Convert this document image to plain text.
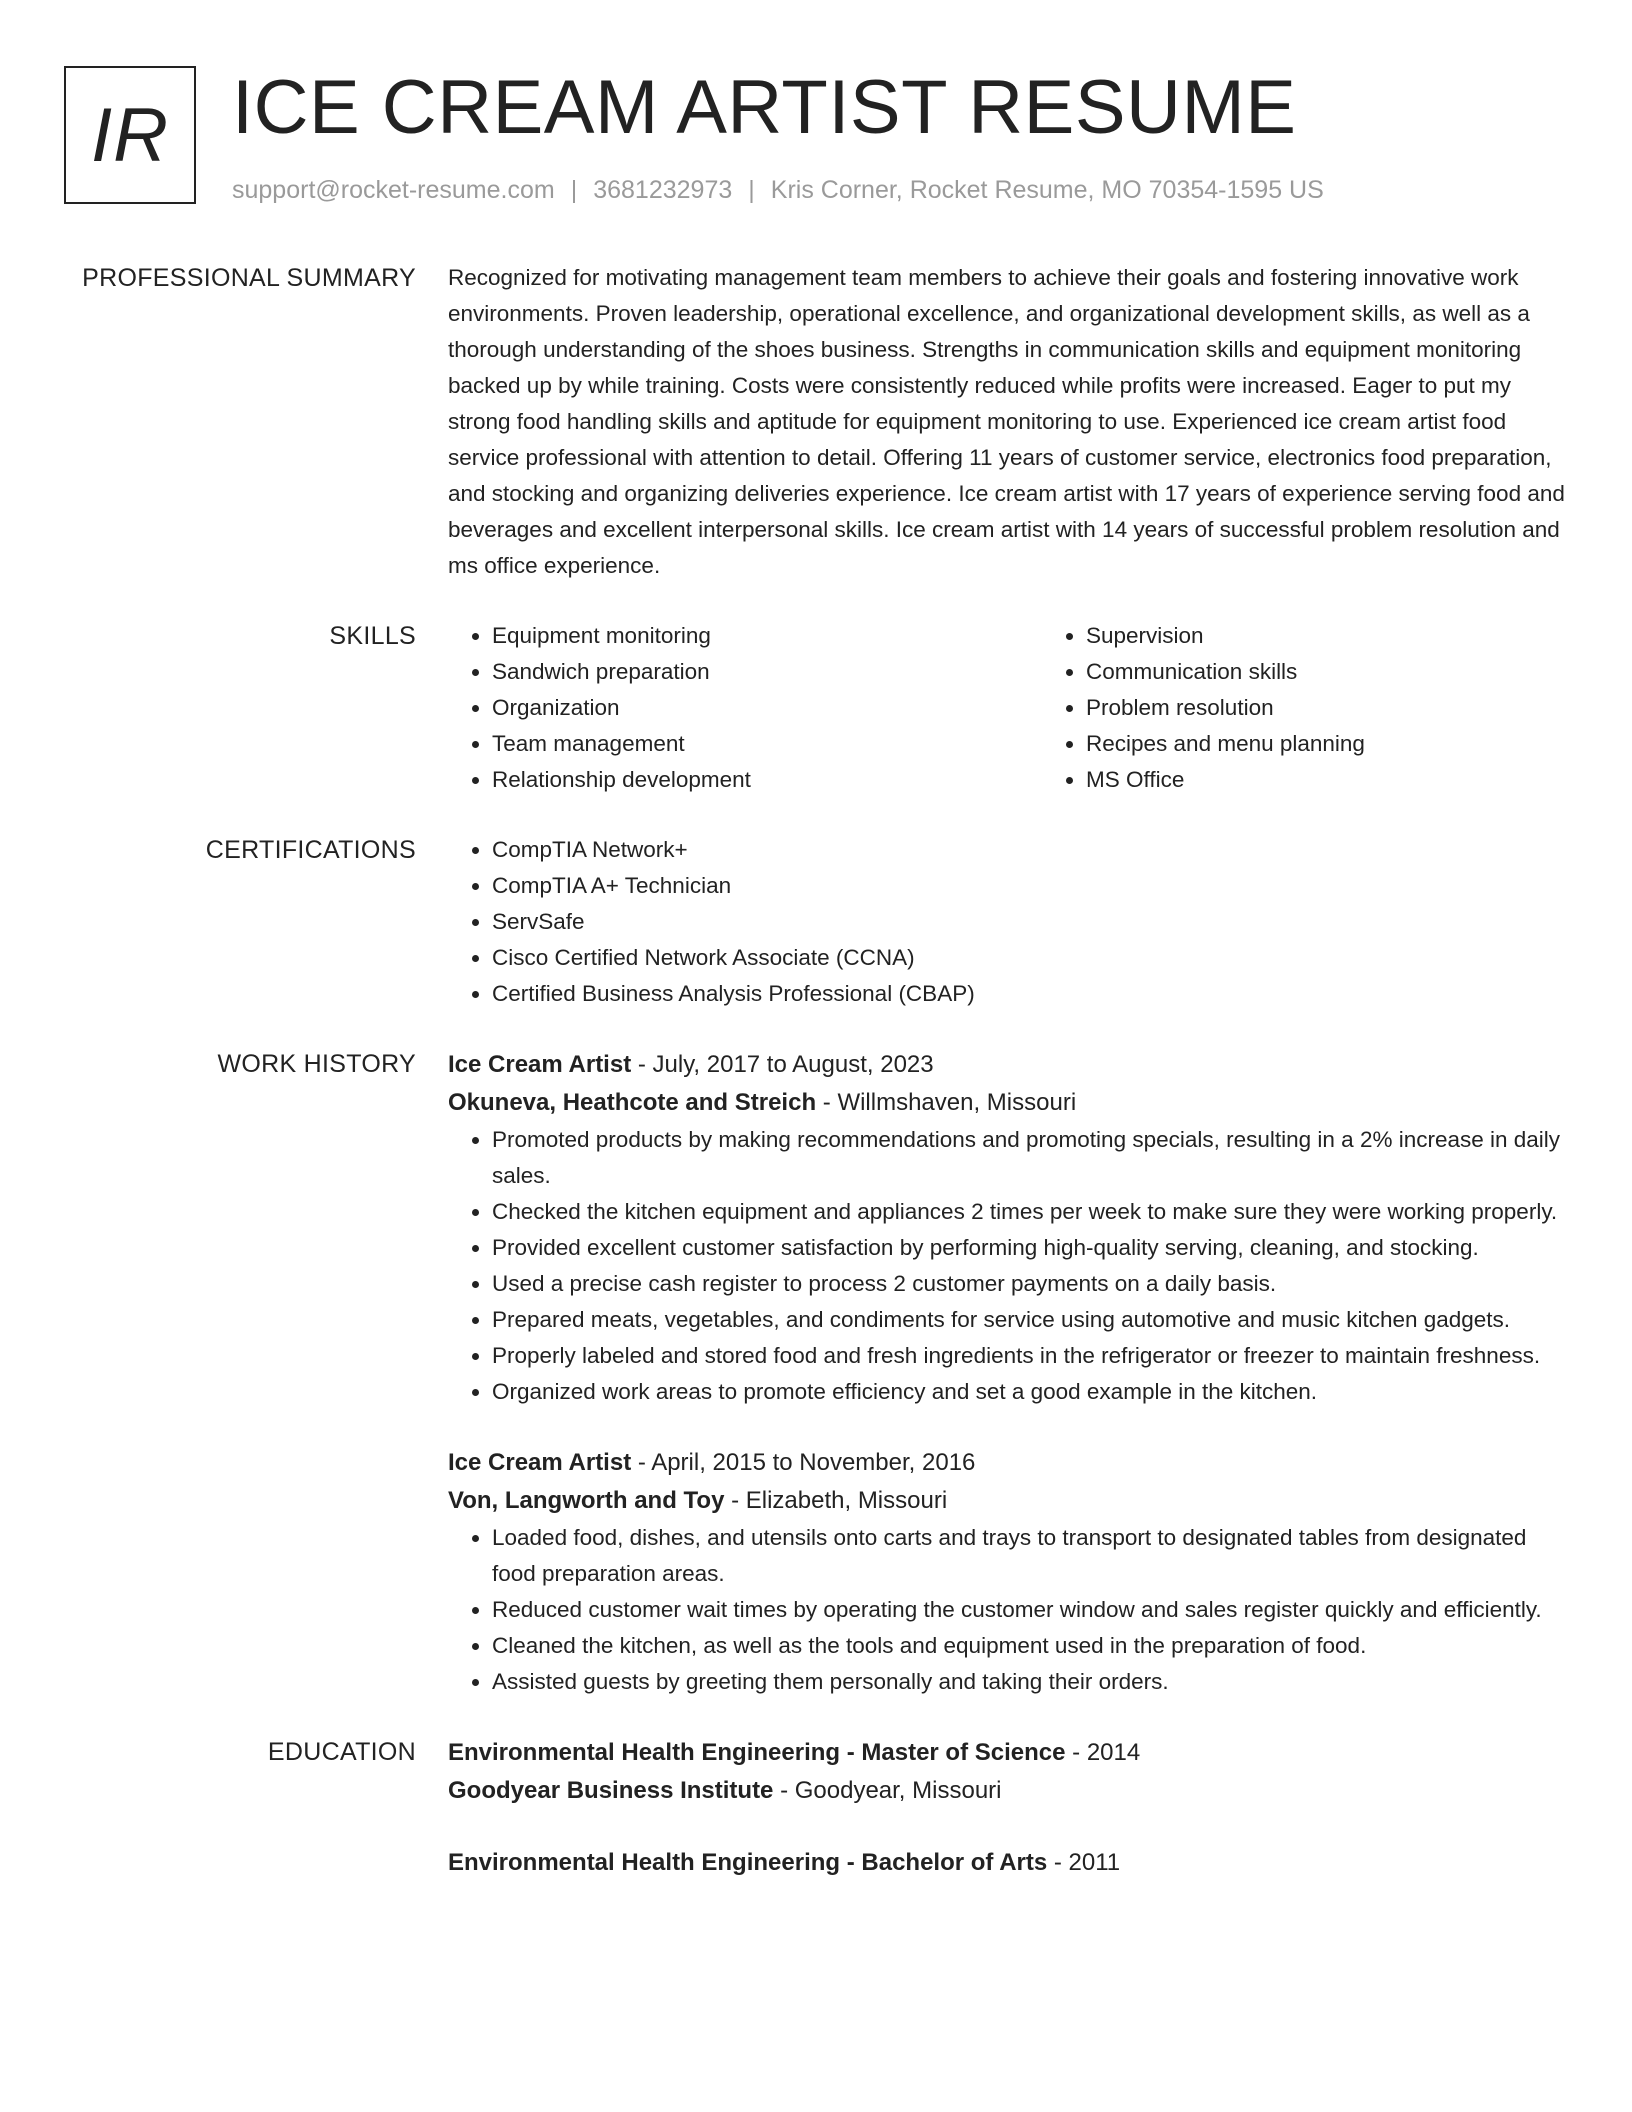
IR ICE CREAM ARTIST RESUME
support@rocket-resume.com | 3681232973 | Kris Corner, Rocket Resume, MO 70354-1595 US
PROFESSIONAL SUMMARY Recognized for motivating management team members to achieve their goals and fostering innovative work environments. Proven leadership, operational excellence, and organizational development skills, as well as a thorough understanding of the shoes business. Strengths in communication skills and equipment monitoring backed up by while training. Costs were consistently reduced while profits were increased. Eager to put my strong food handling skills and aptitude for equipment monitoring to use. Experienced ice cream artist food service professional with attention to detail. Offering 11 years of customer service, electronics food preparation, and stocking and organizing deliveries experience. Ice cream artist with 17 years of experience serving food and beverages and excellent interpersonal skills. Ice cream artist with 14 years of successful problem resolution and ms office experience.

SKILLS	• Equipment monitoring
• Sandwich preparation
• Organization
• Team management
• Relationship development
• Supervision
• Communication skills
• Problem resolution
• Recipes and menu planning
• MS Office
CERTIFICATIONS	• CompTIA Network+
• CompTIA A+ Technician
• ServSafe
• Cisco Certified Network Associate (CCNA)
• Certified Business Analysis Professional (CBAP)
WORK HISTORY Ice Cream Artist - July, 2017 to August, 2023
Okuneva, Heathcote and Streich - Willmshaven, Missouri
• Promoted products by making recommendations and promoting specials, resulting in a 2% increase in daily sales.
• Checked the kitchen equipment and appliances 2 times per week to make sure they were working properly.
• Provided excellent customer satisfaction by performing high-quality serving, cleaning, and stocking.
• Used a precise cash register to process 2 customer payments on a daily basis.
• Prepared meats, vegetables, and condiments for service using automotive and music kitchen gadgets.
• Properly labeled and stored food and fresh ingredients in the refrigerator or freezer to maintain freshness.
• Organized work areas to promote efficiency and set a good example in the kitchen.
Ice Cream Artist - April, 2015 to November, 2016
Von, Langworth and Toy - Elizabeth, Missouri
• Loaded food, dishes, and utensils onto carts and trays to transport to designated tables from designated food preparation areas.
• Reduced customer wait times by operating the customer window and sales register quickly and efficiently.
• Cleaned the kitchen, as well as the tools and equipment used in the preparation of food.
• Assisted guests by greeting them personally and taking their orders.
EDUCATION Environmental Health Engineering - Master of Science - 2014
Goodyear Business Institute - Goodyear, Missouri
Environmental Health Engineering - Bachelor of Arts - 2011
